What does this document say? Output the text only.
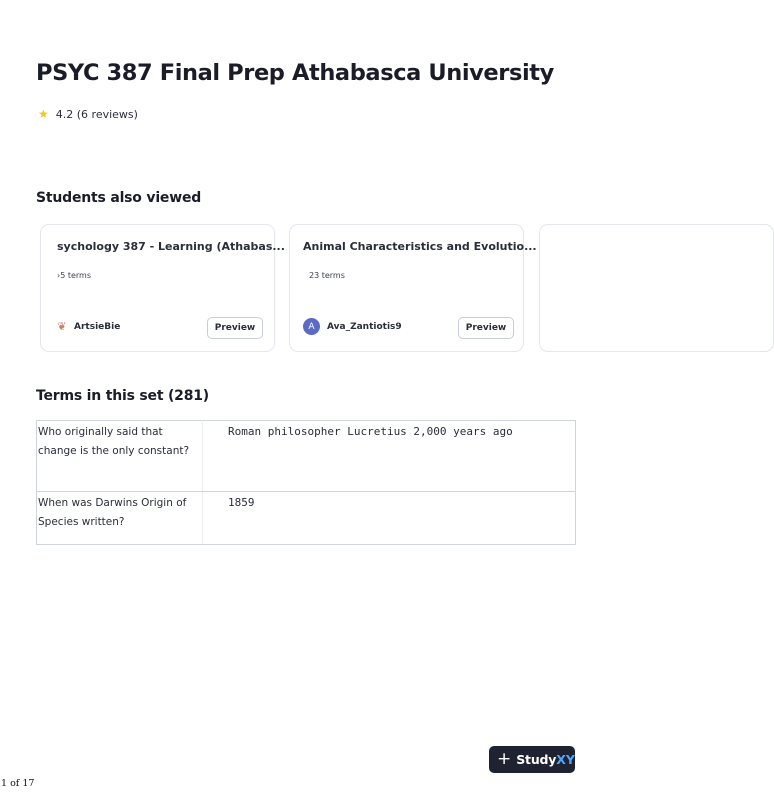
PSYC 387 Final Prep Athabasca University
★ 4.2 (6 reviews)
Students also viewed
sychology 387 - Learning (Athabas...
›5 terms
❦ ArtsieBie	Preview
Animal Characteristics and Evolutio...
23 terms
A	Ava_Zantiotis9	Preview
Terms in this set (281)
Who originally said that change is the only constant?	Roman philosopher Lucretius 2,000 years ago
When was Darwins Origin of Species written?	1859
+ Study XY
1 of 17
